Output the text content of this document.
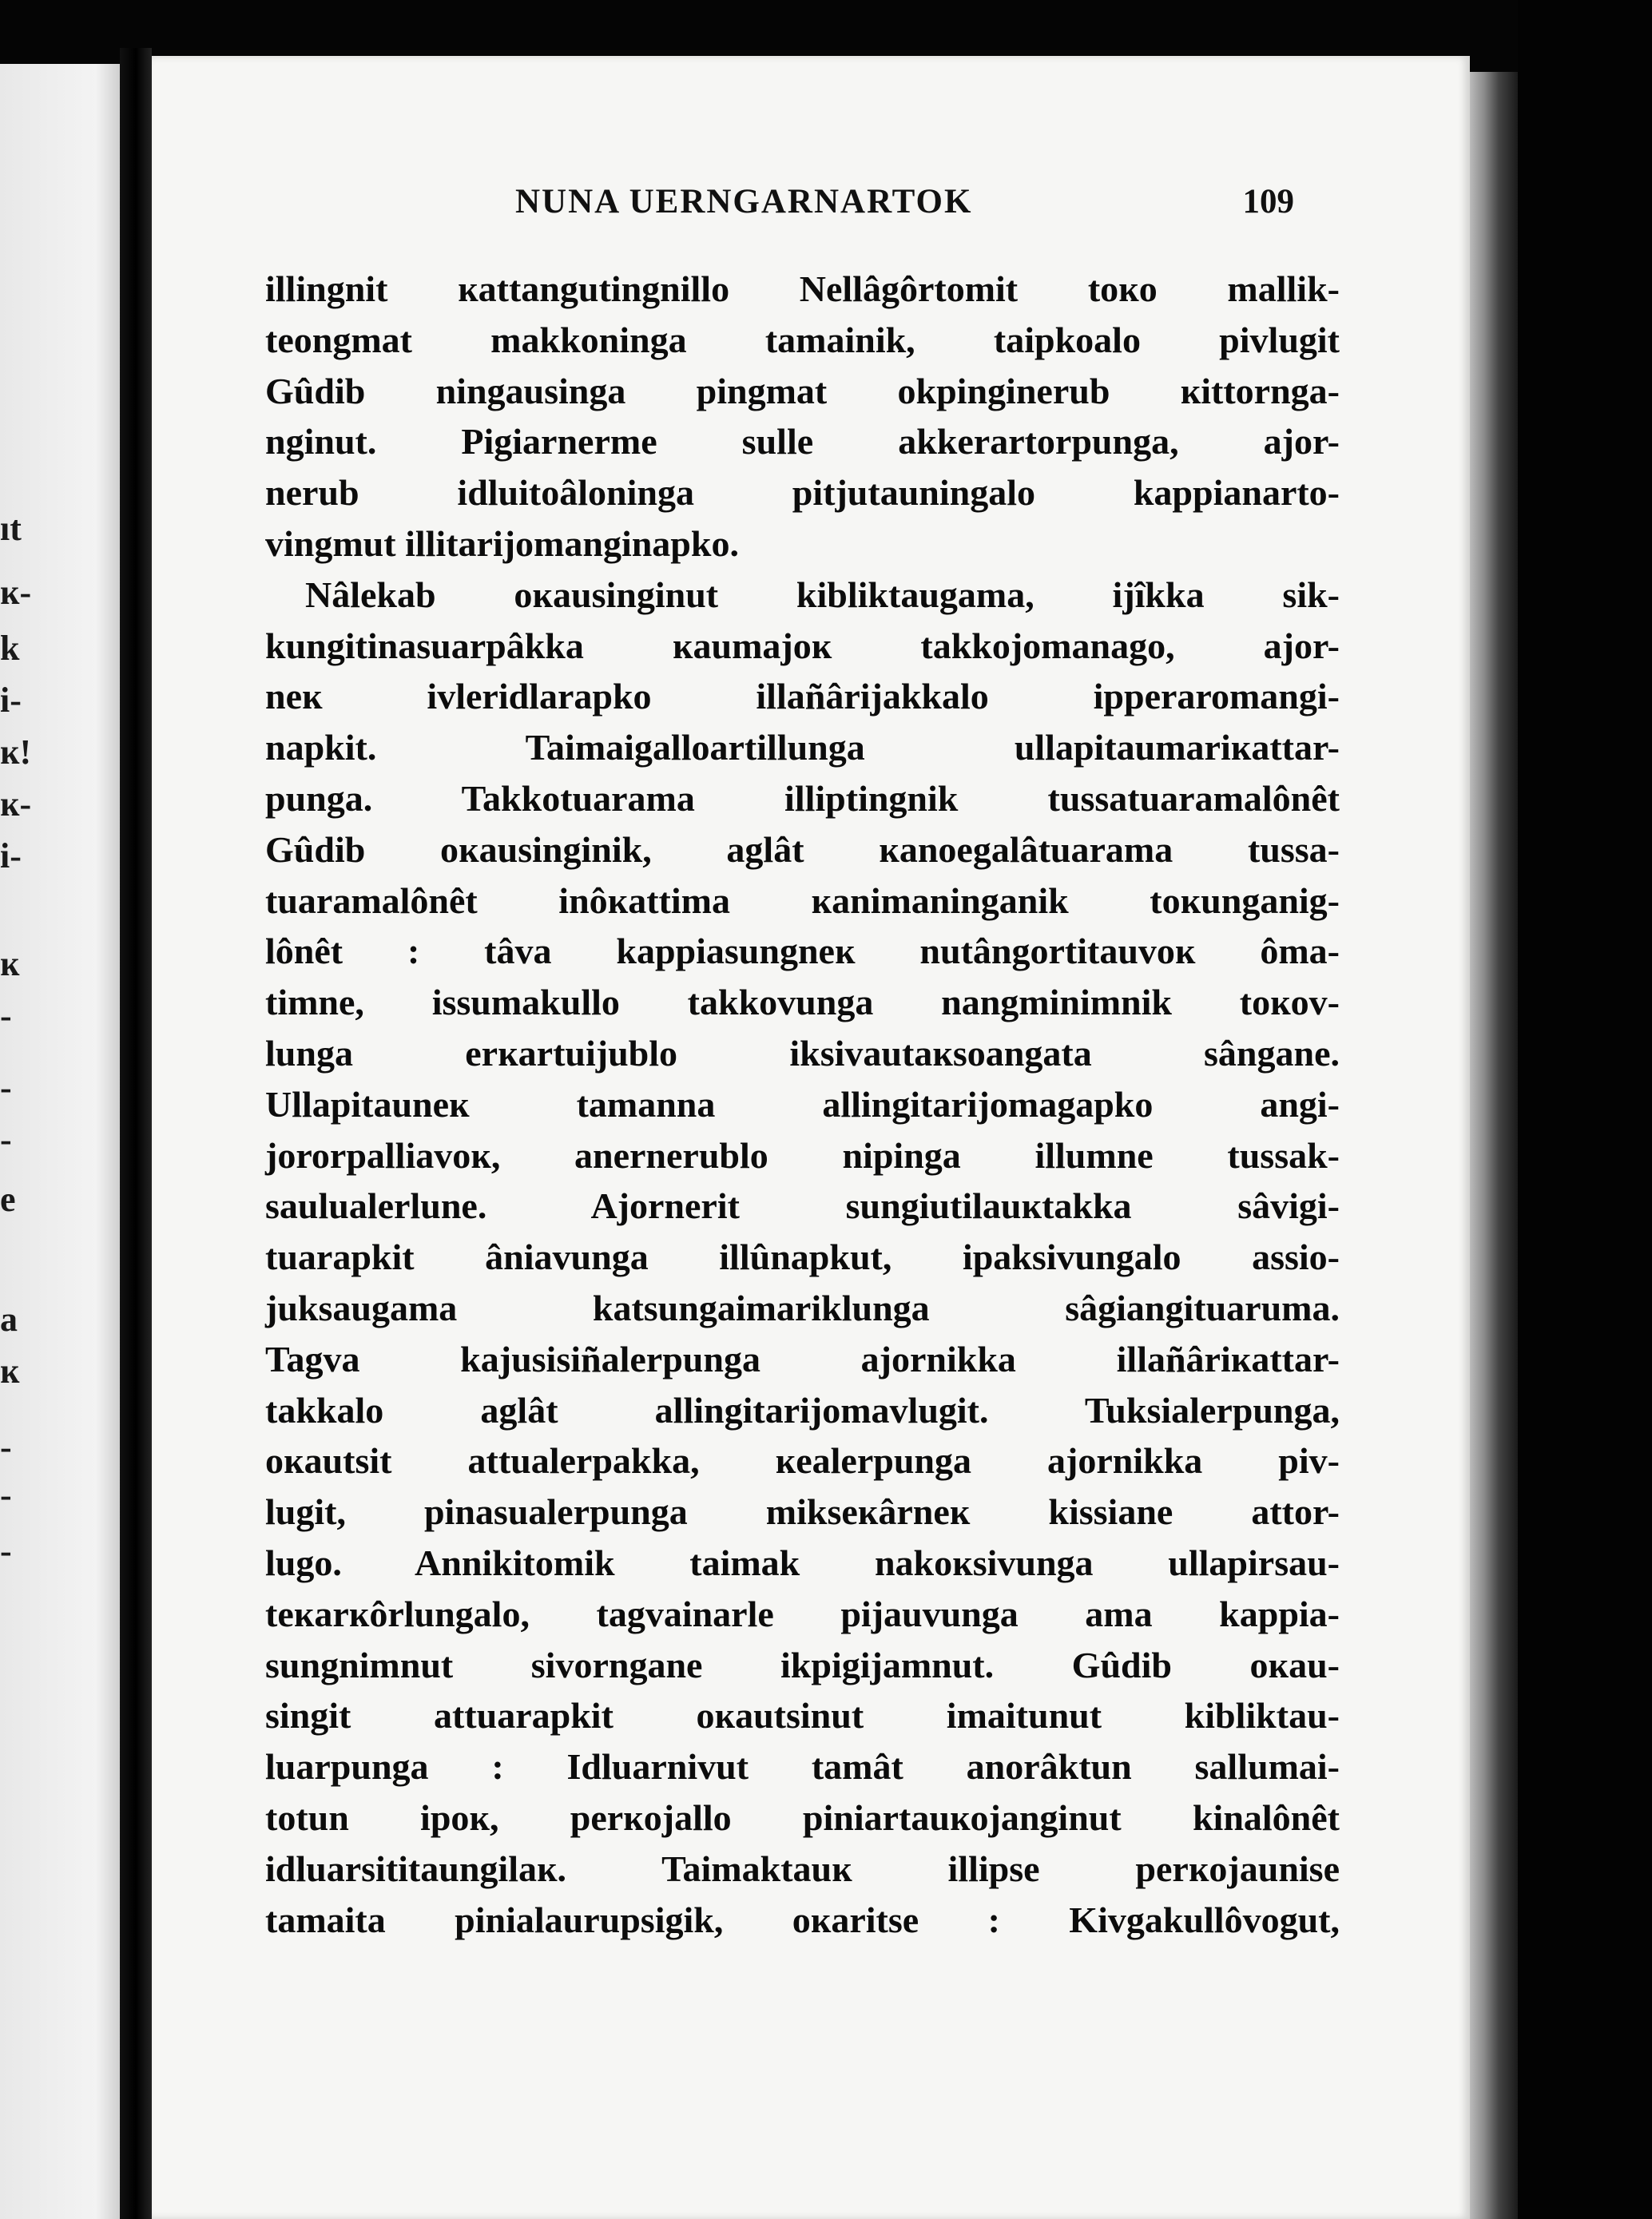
ıt
ĸ-
k
i-
ĸ!
ĸ-
i-
ĸ
-
-
-
e
a
ĸ
-
-
-
NUNA UERNGARNARTOK	109
illingnit ĸattangutingnillo Nellâgôrtomit toĸo mallik-
teongmat makkoninga tamainik, taipkoalo pivlugit
Gûdib ningausinga pingmat okpinginerub ĸittornga-
nginut. Pigiarnerme sulle akkerartorpunga, ajor-
nerub idluitoâloninga pitjutauningalo kappianarto-
vingmut illitarijomanginapko.
Nâlekab oĸausinginut kibliktaugama, ijîkka sik-
kungitinasuarpâkka ĸaumajoĸ takkojomanago, ajor-
neĸ ivleridlarapko illañârijakkalo ipperaromangi-
napkit. Taimaigalloartillunga ullapitaumariĸattar-
punga. Takkotuarama illiptingnik tussatuaramalônêt
Gûdib oĸausinginik, aglât ĸanoegalâtuarama tussa-
tuaramalônêt inôĸattima ĸanimaninganik toĸunganig-
lônêt : tâva kappiasungneĸ nutângortitauvoĸ ôma-
timne, issumakullo takkovunga nangminimnik toĸov-
lunga erĸartuijublo iksivautaĸsoangata sângane.
Ullapitauneĸ tamanna allingitarijomagapko angi-
jororpalliavoĸ, anernerublo nipinga illumne tussak-
saulualerlune. Ajornerit sungiutilauĸtakka sâvigi-
tuarapkit âniavunga illûnapkut, ipaksivungalo assio-
juksaugama katsungaimariklunga sâgiangituaruma.
Tagva kajusisiñalerpunga ajornikka illañâriĸattar-
takkalo aglât allingitarijomavlugit. Tuksialerpunga,
oĸautsit attualerpakka, ĸealerpunga ajornikka piv-
lugit, pinasualerpunga mikseĸârneĸ kissiane attor-
lugo. Annikitomik taimak nakoĸsivunga ullapirsau-
teĸarĸôrlungalo, tagvainarle pijauvunga ama kappia-
sungnimnut sivorngane ikpigijamnut. Gûdib oĸau-
singit attuarapkit oĸautsinut imaitunut kibliktau-
luarpunga : Idluarnivut tamât anorâktun sallumai-
totun ipoĸ, perĸojallo piniartauĸojanginut kinalônêt
idluarsititaungilaĸ. Taimaktauĸ illipse perĸojaunise
tamaita pinialaurupsigik, oĸaritse : Kivgakullôvogut,
